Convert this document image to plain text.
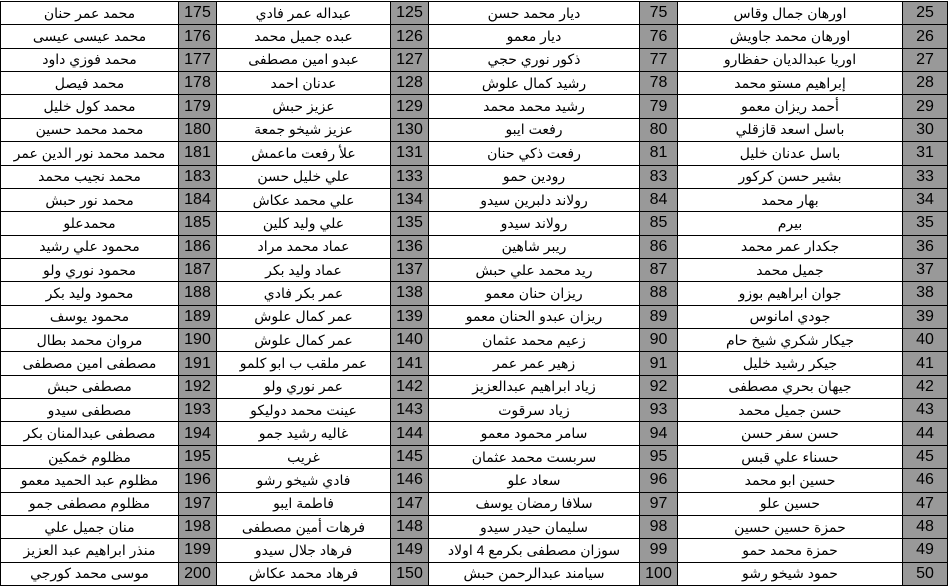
محمد عمر حنان	175	عبداله عمر فادي	125	ديار محمد حسن	75	اورهان جمال وقاس	25
محمد عيسى عيسى	176	عبده جميل محمد	126	ديار معمو	76	اورهان محمد جاويش	26
محمد فوزي داود	177	عبدو امين مصطفى	127	ذكور نوري حجي	77	اوريا عبدالديان حفظارو	27
محمد فيصل	178	عدنان احمد	128	رشيد كمال علوش	78	إبراهيم مستو محمد	28
محمد كول خليل	179	عزيز حبش	129	رشيد محمد محمد	79	أحمد ريزان معمو	29
محمد محمد حسين	180	عزيز شيخو جمعة	130	رفعت ايبو	80	باسل اسعد قازقلي	30
محمد محمد نور الدين عمر	181	علأ رفعت ماعمش	131	رفعت ذكي حنان	81	باسل عدنان خليل	31
محمد نجيب محمد	183	علي خليل حسن	133	رودين حمو	83	بشير حسن كركور	33
محمد نور حبش	184	علي محمد عكاش	134	رولاند دلبرين سيدو	84	بهار محمد	34
محمدعلو	185	علي وليد كلين	135	رولاند سيدو	85	بيرم	35
محمود علي رشيد	186	عماد محمد مراد	136	ريبر شاهين	86	جكدار عمر محمد	36
محمود نوري ولو	187	عماد وليد بكر	137	ريد محمد علي حبش	87	جميل محمد	37
محمود وليد بكر	188	عمر بكر فادي	138	ريزان حنان معمو	88	جوان ابراهيم بوزو	38
محمود يوسف	189	عمر كمال علوش	139	ريزان عبدو الحنان معمو	89	جودي امانوس	39
مروان محمد بطال	190	عمر كمال علوش	140	زعيم محمد عثمان	90	جيكار شكري شيخ حام	40
مصطفى امين مصطفى	191	عمر ملقب ب ابو كلمو	141	زهير عمر عمر	91	جيكر رشيد خليل	41
مصطفى حبش	192	عمر نوري ولو	142	زياد ابراهيم عبدالعزيز	92	جيهان بحري مصطفى	42
مصطفى سيدو	193	عينت محمد دوليكو	143	زياد سرقوت	93	حسن جميل محمد	43
مصطفى عبدالمنان بكر	194	غاليه رشيد جمو	144	سامر محمود معمو	94	حسن سفر حسن	44
مظلوم خمكين	195	غريب	145	سربست محمد عثمان	95	حسناء علي قبس	45
مظلوم عبد الحميد معمو	196	فادي شيخو رشو	146	سعاد علو	96	حسين ابو محمد	46
مظلوم مصطفى جمو	197	فاطمة ايبو	147	سلافا رمضان يوسف	97	حسين علو	47
منان جميل علي	198	فرهات أمين مصطفى	148	سليمان حيدر سيدو	98	حمزة حسين حسين	48
منذر ابراهيم عبد العزيز	199	فرهاد جلال سيدو	149	سوزان مصطفى بكرمع 4 اولاد	99	حمزة محمد حمو	49
موسى محمد كورجي	200	فرهاد محمد عكاش	150	سيامند عبدالرحمن حبش	100	حمود شيخو رشو	50
